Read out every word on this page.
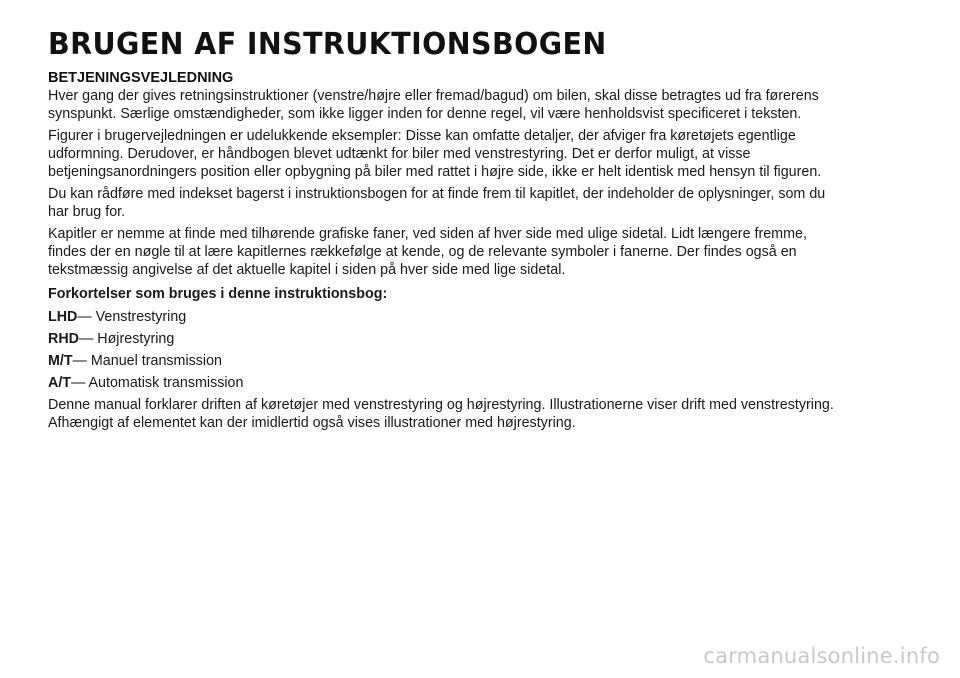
BRUGEN AF INSTRUKTIONSBOGEN
BETJENINGSVEJLEDNING

Hver gang der gives retningsinstruktioner (venstre/højre eller fremad/bagud) om bilen, skal disse betragtes ud fra førerens synspunkt. Særlige omstændigheder, som ikke ligger inden for denne regel, vil være henholdsvist specificeret i teksten.

Figurer i brugervejledningen er udelukkende eksempler: Disse kan omfatte detaljer, der afviger fra køretøjets egentlige udformning. Derudover, er håndbogen blevet udtænkt for biler med venstrestyring. Det er derfor muligt, at visse betjeningsanordningers position eller opbygning på biler med rattet i højre side, ikke er helt identisk med hensyn til figuren.

Du kan rådføre med indekset bagerst i instruktionsbogen for at finde frem til kapitlet, der indeholder de oplysninger, som du har brug for.

Kapitler er nemme at finde med tilhørende grafiske faner, ved siden af hver side med ulige sidetal. Lidt længere fremme, findes der en nøgle til at lære kapitlernes rækkefølge at kende, og de relevante symboler i fanerne. Der findes også en tekstmæssig angivelse af det aktuelle kapitel i siden på hver side med lige sidetal.

Forkortelser som bruges i denne instruktionsbog:

LHD— Venstrestyring
RHD— Højrestyring
M/T— Manuel transmission
A/T— Automatisk transmission

Denne manual forklarer driften af køretøjer med venstrestyring og højrestyring. Illustrationerne viser drift med venstrestyring. Afhængigt af elementet kan der imidlertid også vises illustrationer med højrestyring.

carmanualsonline.info
